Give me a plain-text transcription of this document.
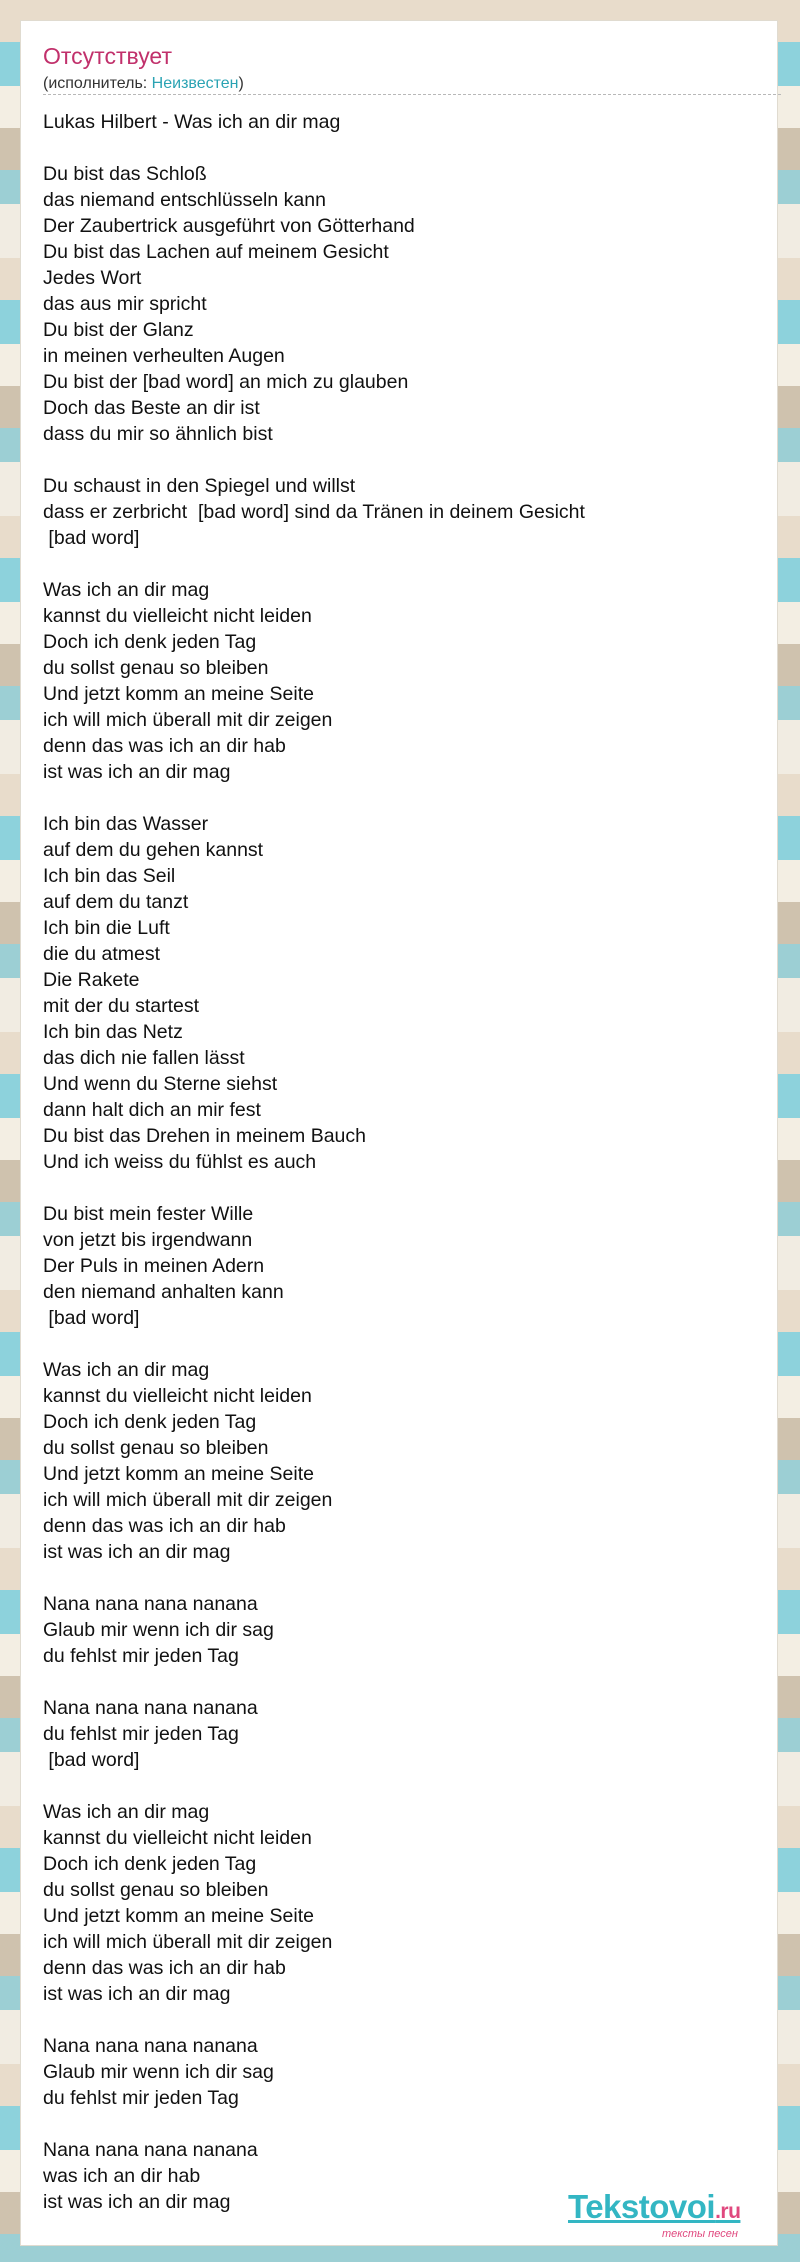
Отсутствует
(исполнитель: Неизвестен)
Lukas Hilbert - Was ich an dir mag

Du bist das Schloß
das niemand entschlüsseln kann
Der Zaubertrick ausgeführt von Götterhand
Du bist das Lachen auf meinem Gesicht
Jedes Wort
das aus mir spricht
Du bist der Glanz
in meinen verheulten Augen
Du bist der [bad word] an mich zu glauben
Doch das Beste an dir ist
dass du mir so ähnlich bist

Du schaust in den Spiegel und willst
dass er zerbricht  [bad word] sind da Tränen in deinem Gesicht
[bad word]

Was ich an dir mag
kannst du vielleicht nicht leiden
Doch ich denk jeden Tag
du sollst genau so bleiben
Und jetzt komm an meine Seite
ich will mich überall mit dir zeigen
denn das was ich an dir hab
ist was ich an dir mag

Ich bin das Wasser
auf dem du gehen kannst
Ich bin das Seil
auf dem du tanzt
Ich bin die Luft
die du atmest
Die Rakete
mit der du startest
Ich bin das Netz
das dich nie fallen lässt
Und wenn du Sterne siehst
dann halt dich an mir fest
Du bist das Drehen in meinem Bauch
Und ich weiss du fühlst es auch

Du bist mein fester Wille
von jetzt bis irgendwann
Der Puls in meinen Adern
den niemand anhalten kann
[bad word]

Was ich an dir mag
kannst du vielleicht nicht leiden
Doch ich denk jeden Tag
du sollst genau so bleiben
Und jetzt komm an meine Seite
ich will mich überall mit dir zeigen
denn das was ich an dir hab
ist was ich an dir mag

Nana nana nana nanana
Glaub mir wenn ich dir sag
du fehlst mir jeden Tag

Nana nana nana nanana
du fehlst mir jeden Tag
[bad word]

Was ich an dir mag
kannst du vielleicht nicht leiden
Doch ich denk jeden Tag
du sollst genau so bleiben
Und jetzt komm an meine Seite
ich will mich überall mit dir zeigen
denn das was ich an dir hab
ist was ich an dir mag

Nana nana nana nanana
Glaub mir wenn ich dir sag
du fehlst mir jeden Tag

Nana nana nana nanana
was ich an dir hab
ist was ich an dir mag	Tekstovoi.ru
тексты песен
